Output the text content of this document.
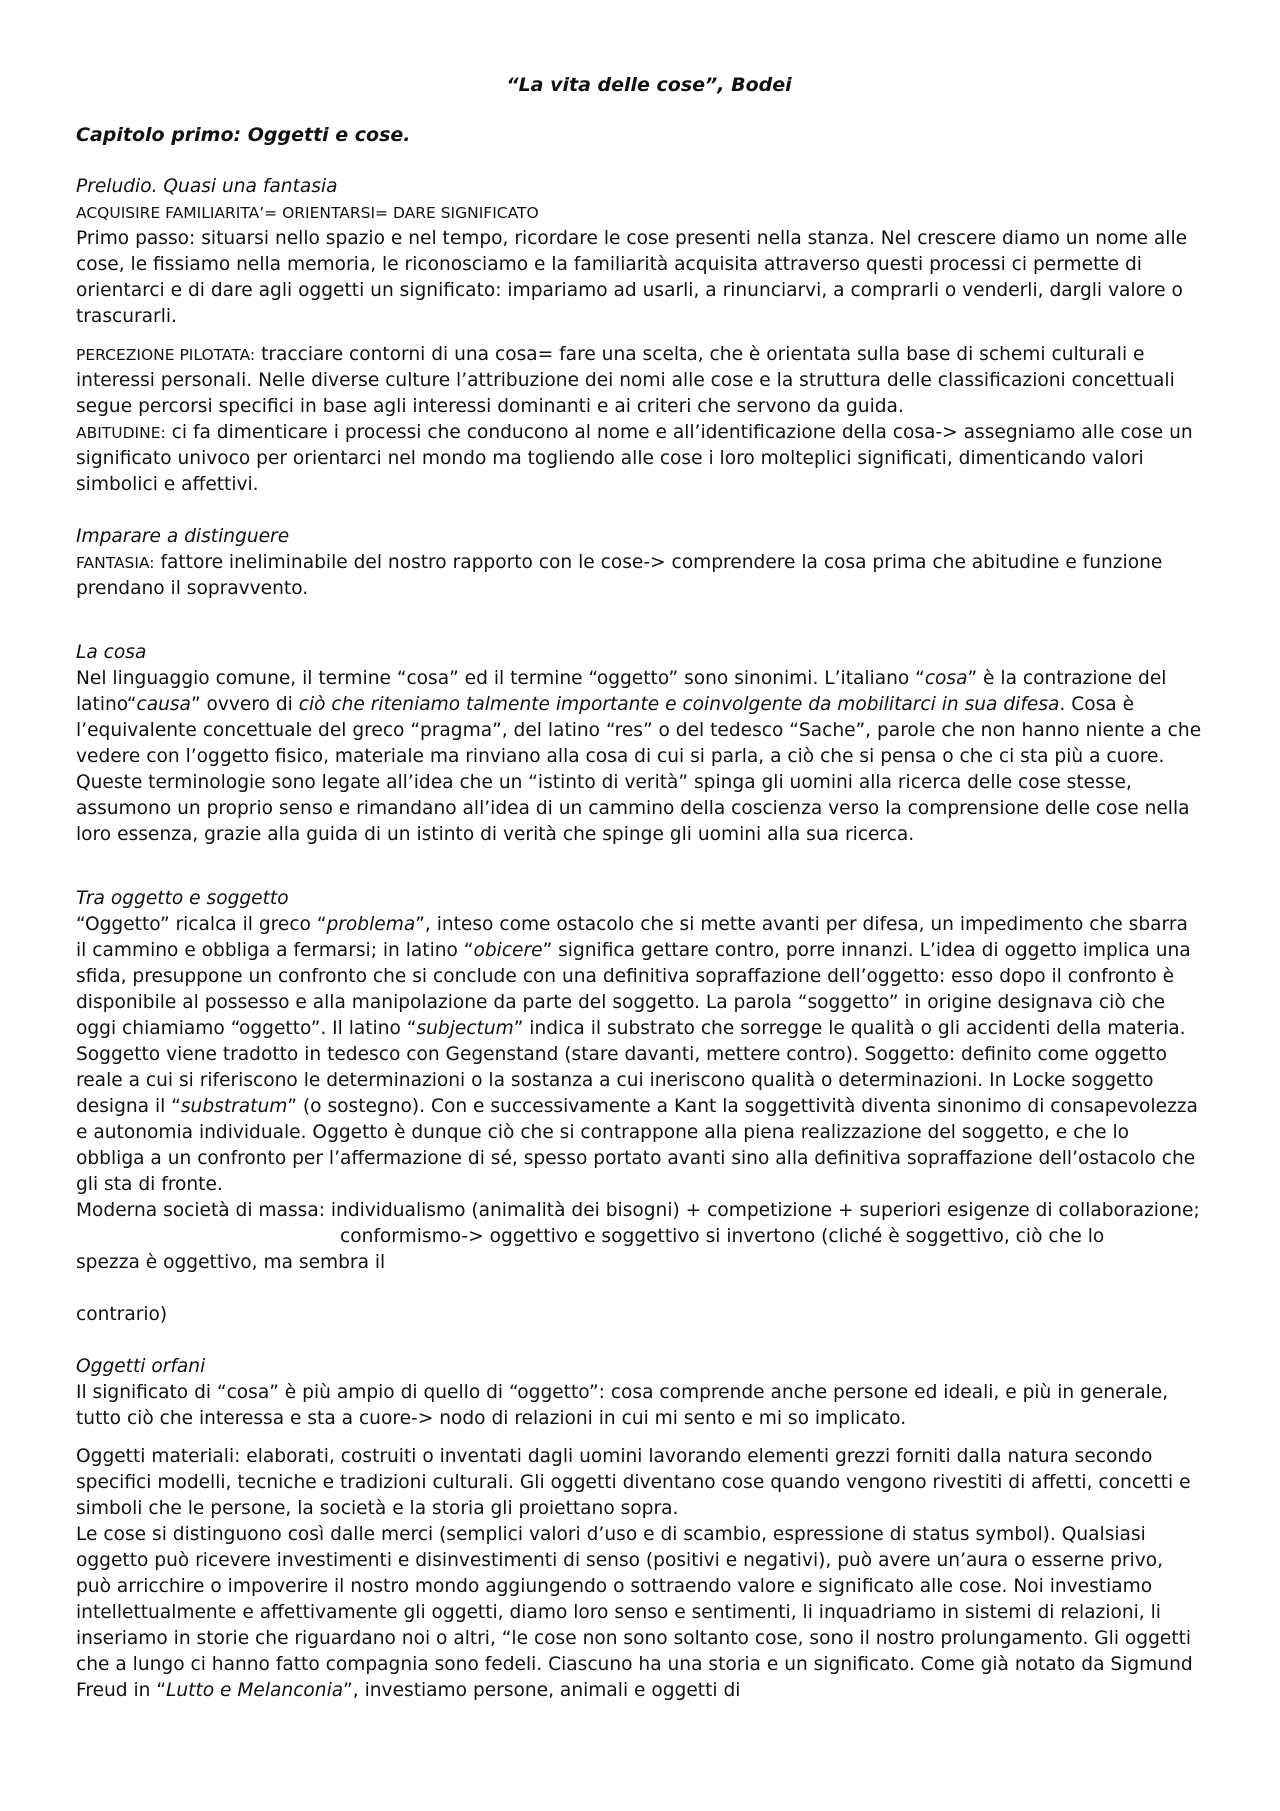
“La vita delle cose”, Bodei
Capitolo primo: Oggetti e cose.
Preludio. Quasi una fantasia
ACQUISIRE FAMILIARITA’= ORIENTARSI= DARE SIGNIFICATO
Primo passo: situarsi nello spazio e nel tempo, ricordare le cose presenti nella stanza. Nel crescere diamo un nome alle cose, le fissiamo nella memoria, le riconosciamo e la familiarità acquisita attraverso questi processi ci permette di orientarci e di dare agli oggetti un significato: impariamo ad usarli, a rinunciarvi, a comprarli o venderli, dargli valore o trascurarli.
PERCEZIONE PILOTATA: tracciare contorni di una cosa= fare una scelta, che è orientata sulla base di schemi culturali e interessi personali. Nelle diverse culture l’attribuzione dei nomi alle cose e la struttura delle classificazioni concettuali segue percorsi specifici in base agli interessi dominanti e ai criteri che servono da guida.
ABITUDINE: ci fa dimenticare i processi che conducono al nome e all’identificazione della cosa-> assegniamo alle cose un significato univoco per orientarci nel mondo ma togliendo alle cose i loro molteplici significati, dimenticando valori simbolici e affettivi.
Imparare a distinguere
FANTASIA: fattore ineliminabile del nostro rapporto con le cose-> comprendere la cosa prima che abitudine e funzione prendano il sopravvento.
La cosa
Nel linguaggio comune, il termine “cosa” ed il termine “oggetto” sono sinonimi. L’italiano “cosa” è la contrazione del latino“causa” ovvero di ciò che riteniamo talmente importante e coinvolgente da mobilitarci in sua difesa. Cosa è l’equivalente concettuale del greco “pragma”, del latino “res” o del tedesco “Sache”, parole che non hanno niente a che vedere con l’oggetto fisico, materiale ma rinviano alla cosa di cui si parla, a ciò che si pensa o che ci sta più a cuore. Queste terminologie sono legate all’idea che un “istinto di verità” spinga gli uomini alla ricerca delle cose stesse, assumono un proprio senso e rimandano all’idea di un cammino della coscienza verso la comprensione delle cose nella loro essenza, grazie alla guida di un istinto di verità che spinge gli uomini alla sua ricerca.
Tra oggetto e soggetto
“Oggetto” ricalca il greco “problema”, inteso come ostacolo che si mette avanti per difesa, un impedimento che sbarra il cammino e obbliga a fermarsi; in latino “obicere” significa gettare contro, porre innanzi. L’idea di oggetto implica una sfida, presuppone un confronto che si conclude con una definitiva sopraffazione dell’oggetto: esso dopo il confronto è disponibile al possesso e alla manipolazione da parte del soggetto. La parola “soggetto” in origine designava ciò che oggi chiamiamo “oggetto”. Il latino “subjectum” indica il substrato che sorregge le qualità o gli accidenti della materia. Soggetto viene tradotto in tedesco con Gegenstand (stare davanti, mettere contro). Soggetto: definito come oggetto reale a cui si riferiscono le determinazioni o la sostanza a cui ineriscono qualità o determinazioni. In Locke soggetto designa il “substratum” (o sostegno). Con e successivamente a Kant la soggettività diventa sinonimo di consapevolezza e autonomia individuale. Oggetto è dunque ciò che si contrappone alla piena realizzazione del soggetto, e che lo obbliga a un confronto per l’affermazione di sé, spesso portato avanti sino alla definitiva sopraffazione dell’ostacolo che gli sta di fronte.
Moderna società di massa: individualismo (animalità dei bisogni) + competizione + superiori esigenze di collaborazione;
conformismo-> oggettivo e soggettivo si invertono (cliché è soggettivo, ciò che lo
spezza è oggettivo, ma sembra il
contrario)
Oggetti orfani
Il significato di “cosa” è più ampio di quello di “oggetto”: cosa comprende anche persone ed ideali, e più in generale, tutto ciò che interessa e sta a cuore-> nodo di relazioni in cui mi sento e mi so implicato.
Oggetti materiali: elaborati, costruiti o inventati dagli uomini lavorando elementi grezzi forniti dalla natura secondo specifici modelli, tecniche e tradizioni culturali. Gli oggetti diventano cose quando vengono rivestiti di affetti, concetti e simboli che le persone, la società e la storia gli proiettano sopra.
Le cose si distinguono così dalle merci (semplici valori d’uso e di scambio, espressione di status symbol). Qualsiasi oggetto può ricevere investimenti e disinvestimenti di senso (positivi e negativi), può avere un’aura o esserne privo, può arricchire o impoverire il nostro mondo aggiungendo o sottraendo valore e significato alle cose. Noi investiamo intellettualmente e affettivamente gli oggetti, diamo loro senso e sentimenti, li inquadriamo in sistemi di relazioni, li inseriamo in storie che riguardano noi o altri, “le cose non sono soltanto cose, sono il nostro prolungamento. Gli oggetti che a lungo ci hanno fatto compagnia sono fedeli. Ciascuno ha una storia e un significato. Come già notato da Sigmund Freud in “Lutto e Melanconia”, investiamo persone, animali e oggetti di
